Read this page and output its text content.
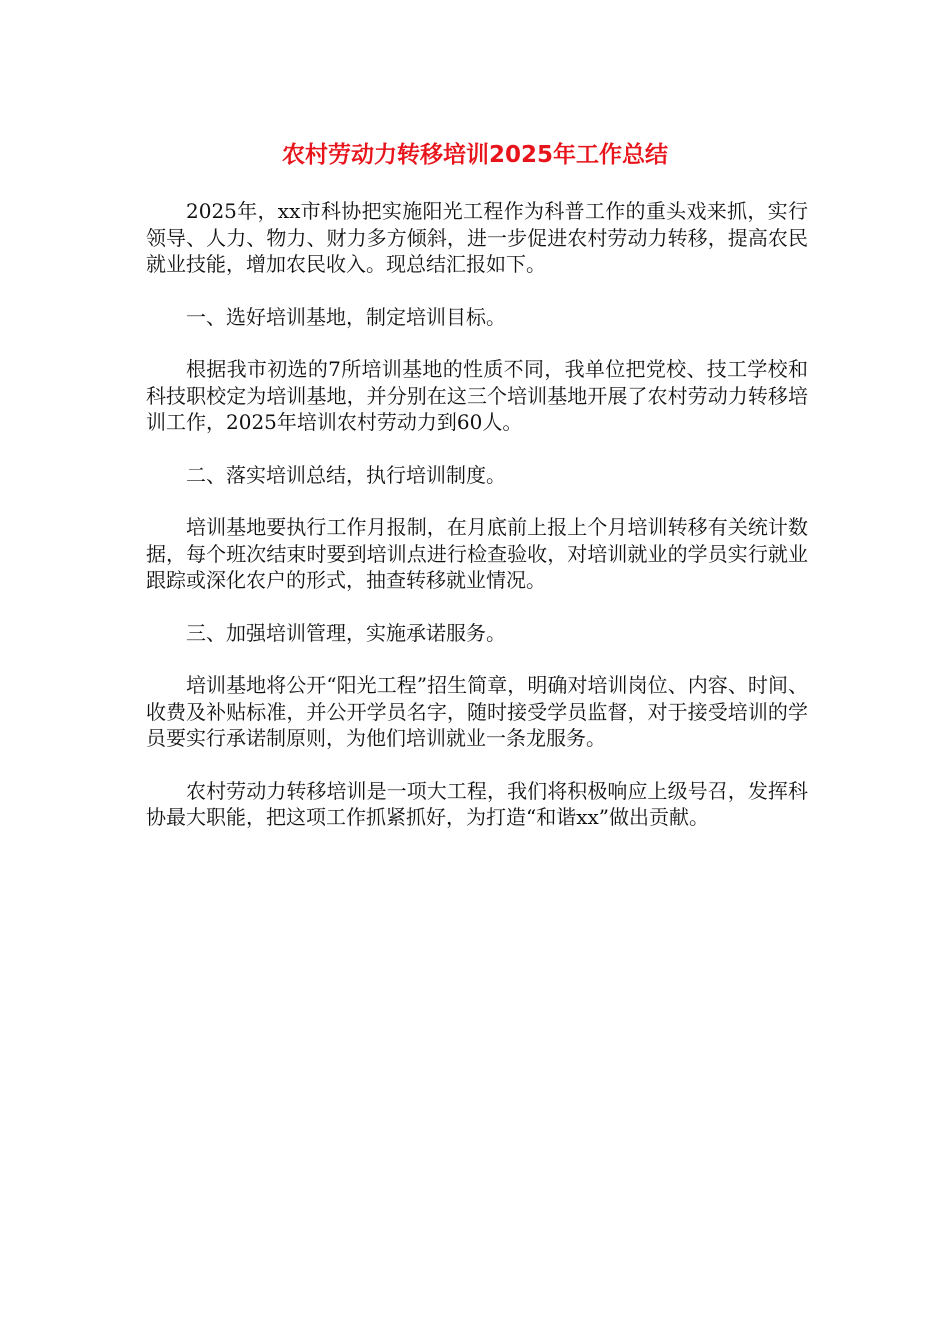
农村劳动力转移培训2025年工作总结

2025年，xx市科协把实施阳光工程作为科普工作的重头戏来抓，实行领导、人力、物力、财力多方倾斜，进一步促进农村劳动力转移，提高农民就业技能，增加农民收入。现总结汇报如下。

一、选好培训基地，制定培训目标。

根据我市初选的7所培训基地的性质不同，我单位把党校、技工学校和科技职校定为培训基地，并分别在这三个培训基地开展了农村劳动力转移培训工作，2025年培训农村劳动力到60人。

二、落实培训总结，执行培训制度。

培训基地要执行工作月报制，在月底前上报上个月培训转移有关统计数据，每个班次结束时要到培训点进行检查验收，对培训就业的学员实行就业跟踪或深化农户的形式，抽查转移就业情况。

三、加强培训管理，实施承诺服务。

培训基地将公开“阳光工程”招生简章，明确对培训岗位、内容、时间、收费及补贴标准，并公开学员名字，随时接受学员监督，对于接受培训的学员要实行承诺制原则，为他们培训就业一条龙服务。

农村劳动力转移培训是一项大工程，我们将积极响应上级号召，发挥科协最大职能，把这项工作抓紧抓好，为打造“和谐xx”做出贡献。
